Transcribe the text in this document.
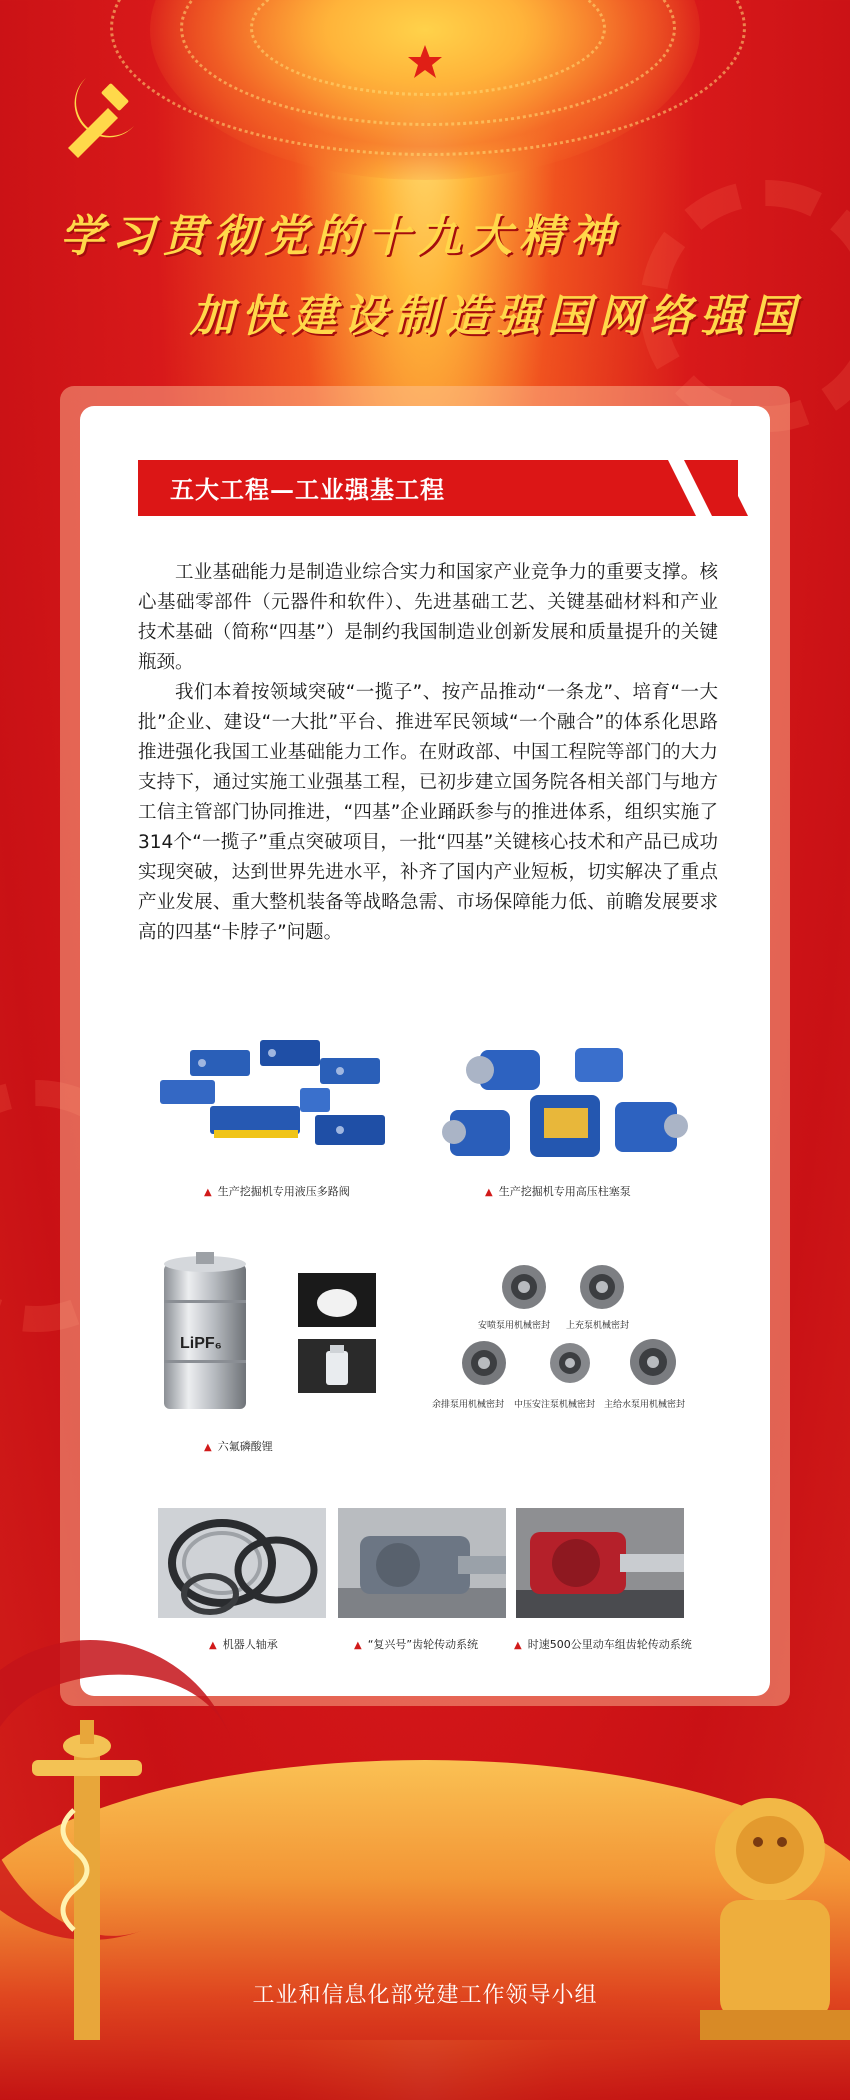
学习贯彻党的十九大精神
加快建设制造强国网络强国
五大工程—工业强基工程

工业基础能力是制造业综合实力和国家产业竞争力的重要支撑。核心基础零部件（元器件和软件）、先进基础工艺、关键基础材料和产业技术基础（简称“四基”）是制约我国制造业创新发展和质量提升的关键瓶颈。

我们本着按领域突破“一揽子”、按产品推动“一条龙”、培育“一大批”企业、建设“一大批”平台、推进军民领域“一个融合”的体系化思路推进强化我国工业基础能力工作。在财政部、中国工程院等部门的大力支持下，通过实施工业强基工程，已初步建立国务院各相关部门与地方工信主管部门协同推进，“四基”企业踊跃参与的推进体系，组织实施了314个“一揽子”重点突破项目，一批“四基”关键核心技术和产品已成功实现突破，达到世界先进水平，补齐了国内产业短板，切实解决了重点产业发展、重大整机装备等战略急需、市场保障能力低、前瞻发展要求高的四基“卡脖子”问题。

▲ 生产挖掘机专用液压多路阀	▲ 生产挖掘机专用高压柱塞泵
LiPF₆
▲ 六氟磷酸锂
安喷泵用机械密封 上充泵机械密封
余排泵用机械密封 中压安注泵机械密封 主给水泵用机械密封
▲ 机器人轴承	▲ “复兴号”齿轮传动系统	▲ 时速500公里动车组齿轮传动系统
工业和信息化部党建工作领导小组
